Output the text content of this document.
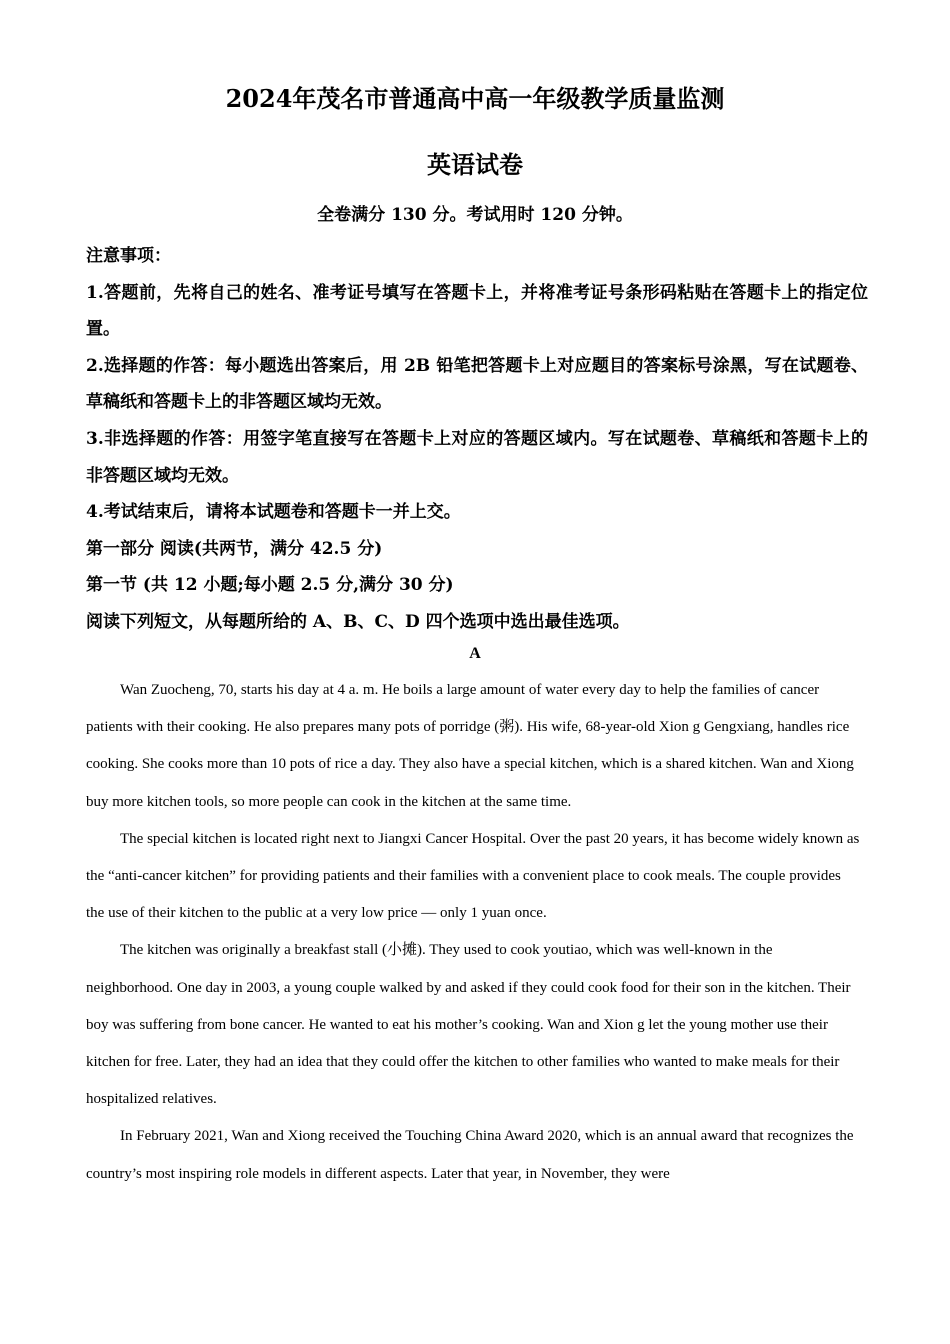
2024年茂名市普通高中高一年级教学质量监测
英语试卷
全卷满分 130 分。考试用时 120 分钟。

注意事项：

1.答题前，先将自己的姓名、准考证号填写在答题卡上，并将准考证号条形码粘贴在答题卡上的指定位置。

2.选择题的作答：每小题选出答案后，用 2B 铅笔把答题卡上对应题目的答案标号涂黑，写在试题卷、草稿纸和答题卡上的非答题区域均无效。

3.非选择题的作答：用签字笔直接写在答题卡上对应的答题区域内。写在试题卷、草稿纸和答题卡上的非答题区域均无效。

4.考试结束后，请将本试题卷和答题卡一并上交。

第一部分 阅读(共两节，满分 42.5 分)

第一节 (共 12 小题;每小题 2.5 分,满分 30 分)

阅读下列短文，从每题所给的 A、B、C、D 四个选项中选出最佳选项。

A

Wan Zuocheng, 70, starts his day at 4 a. m. He boils a large amount of water every day to help the families of cancer patients with their cooking. He also prepares many pots of porridge (粥). His wife, 68-year-old Xion g Gengxiang, handles rice cooking. She cooks more than 10 pots of rice a day. They also have a special kitchen, which is a shared kitchen. Wan and Xiong buy more kitchen tools, so more people can cook in the kitchen at the same time.

The special kitchen is located right next to Jiangxi Cancer Hospital. Over the past 20 years, it has become widely known as the “anti-cancer kitchen” for providing patients and their families with a convenient place to cook meals. The couple provides the use of their kitchen to the public at a very low price — only 1 yuan once.

The kitchen was originally a breakfast stall (小摊). They used to cook youtiao, which was well-known in the neighborhood. One day in 2003, a young couple walked by and asked if they could cook food for their son in the kitchen. Their boy was suffering from bone cancer. He wanted to eat his mother’s cooking. Wan and Xion g let the young mother use their kitchen for free. Later, they had an idea that they could offer the kitchen to other families who wanted to make meals for their hospitalized relatives.

In February 2021, Wan and Xiong received the Touching China Award 2020, which is an annual award that recognizes the country’s most inspiring role models in different aspects. Later that year, in November, they were
